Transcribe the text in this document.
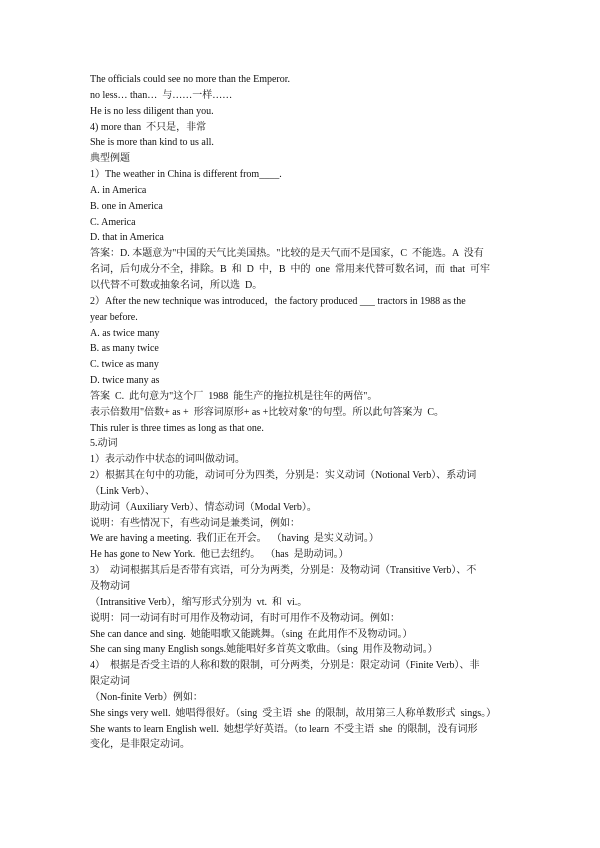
The officials could see no more than the Emperor.
no less… than…  与……一样……
He is no less diligent than you.
4) more than  不只是，非常
She is more than kind to us all.
典型例题
1）The weather in China is different from____.
A. in America
B. one in America
C. America
D. that in America
答案：D. 本题意为"中国的天气比美国热。"比较的是天气而不是国家，C  不能选。A  没有
名词，后句成分不全，排除。B  和  D  中，B  中的  one  常用来代替可数名词，而  that  可牢
以代替不可数或抽象名词，所以选  D。
2）After the new technique was introduced，the factory produced ___ tractors in 1988 as the
year before.
A. as twice many
B. as many twice
C. twice as many
D. twice many as
答案  C.  此句意为"这个厂  1988  能生产的拖拉机是往年的两倍"。
表示倍数用"倍数+ as +  形容词原形+ as +比较对象"的句型。所以此句答案为  C。
This ruler is three times as long as that one.
5.动词
1）表示动作中状态的词叫做动词。
2）根据其在句中的功能，动词可分为四类，分别是：实义动词（Notional Verb）、系动词
（Link Verb）、
助动词（Auxiliary Verb）、情态动词（Modal Verb）。
说明：有些情况下，有些动词是兼类词，例如：
We are having a meeting.  我们正在开会。  （having  是实义动词。）
He has gone to New York.  他已去纽约。  （has  是助动词。）
3）  动词根据其后是否带有宾语，可分为两类，分别是：及物动词（Transitive Verb）、不
及物动词
（Intransitive Verb），缩写形式分别为  vt.  和  vi.。
说明：同一动词有时可用作及物动词，有时可用作不及物动词。例如：
She can dance and sing.  她能唱歌又能跳舞。（sing  在此用作不及物动词。）
She can sing many English songs.她能唱好多首英文歌曲。（sing  用作及物动词。）
4）  根据是否受主语的人称和数的限制，可分两类，分别是：限定动词（Finite Verb）、非
限定动词
（Non-finite Verb）例如：
She sings very well.  她唱得很好。（sing  受主语  she  的限制，故用第三人称单数形式  sings。）
She wants to learn English well.  她想学好英语。（to learn  不受主语  she  的限制，没有词形
变化，是非限定动词。
